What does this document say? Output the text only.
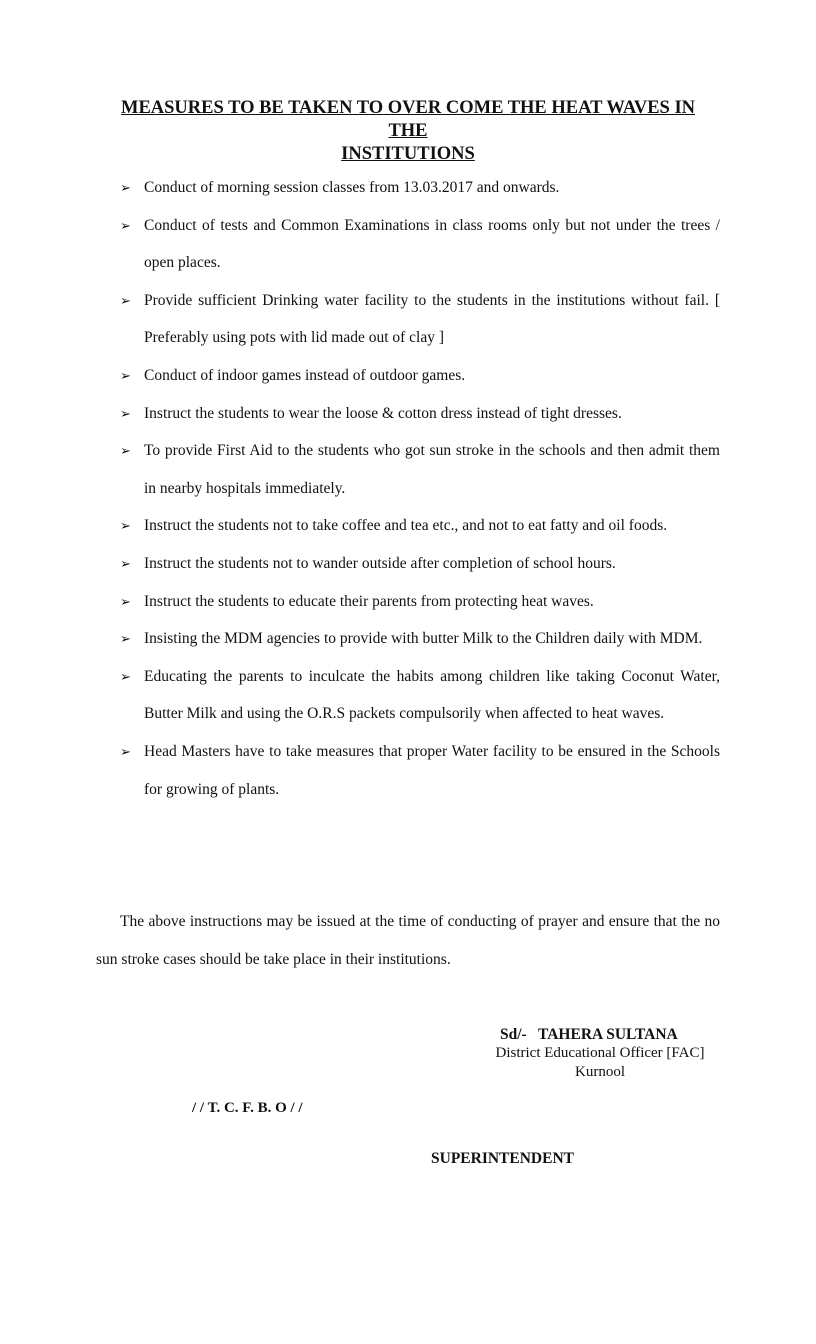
MEASURES TO BE TAKEN TO OVER COME THE HEAT WAVES IN THE
INSTITUTIONS
➢ Conduct of morning session classes from 13.03.2017 and onwards.
➢ Conduct of tests and Common Examinations in class rooms only but not under the trees / open places.
➢ Provide sufficient Drinking water facility to the students in the institutions without fail. [ Preferably using pots with lid made out of clay ]
➢ Conduct of indoor games instead of outdoor games.
➢ Instruct the students to wear the loose & cotton dress instead of tight dresses.
➢ To provide First Aid to the students who got sun stroke in the schools and then admit them in nearby hospitals immediately.
➢ Instruct the students not to take coffee and tea etc., and not to eat fatty and oil foods.
➢ Instruct the students not to wander outside after completion of school hours.
➢ Instruct the students to educate their parents from protecting heat waves.
➢ Insisting the MDM agencies to provide with butter Milk to the Children daily with MDM.
➢ Educating the parents to inculcate the habits among children like taking Coconut Water, Butter Milk and using the O.R.S packets compulsorily when affected to heat waves.
➢ Head Masters have to take measures that proper Water facility to be ensured in the Schools for growing of plants.

The above instructions may be issued at the time of conducting of prayer and ensure that the no sun stroke cases should be take place in their institutions.

Sd/-   TAHERA SULTANA
District Educational Officer [FAC]
Kurnool
/ / T. C. F. B. O / /
SUPERINTENDENT
